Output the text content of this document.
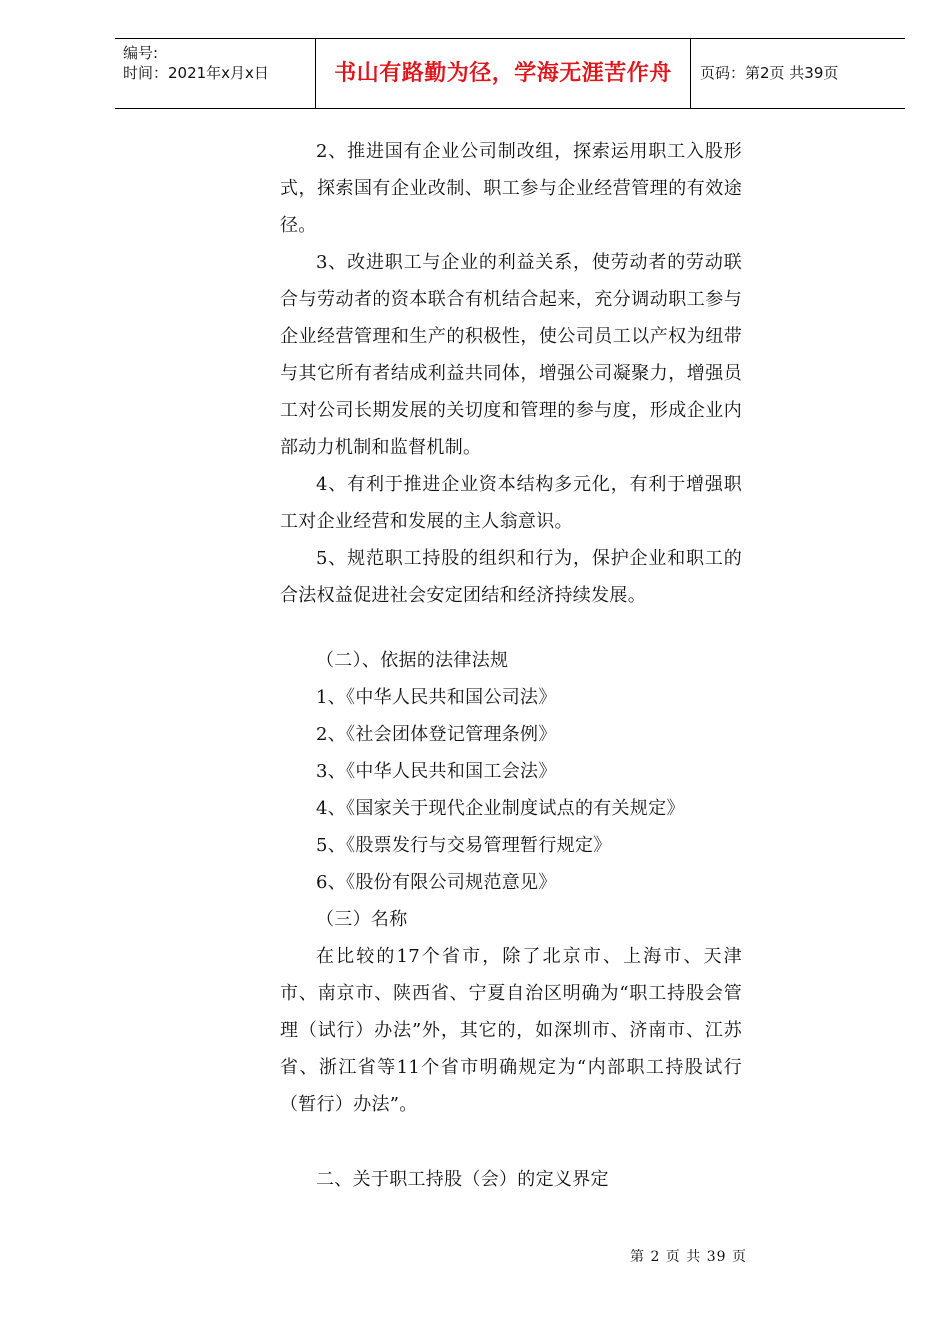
编号:
时间：2021年x月x日	书山有路勤为径，学海无涯苦作舟	页码：第2页 共39页

2、推进国有企业公司制改组，探索运用职工入股形式，探索国有企业改制、职工参与企业经营管理的有效途径。

3、改进职工与企业的利益关系，使劳动者的劳动联合与劳动者的资本联合有机结合起来，充分调动职工参与企业经营管理和生产的积极性，使公司员工以产权为纽带与其它所有者结成利益共同体，增强公司凝聚力，增强员工对公司长期发展的关切度和管理的参与度，形成企业内部动力机制和监督机制。

4、有利于推进企业资本结构多元化，有利于增强职工对企业经营和发展的主人翁意识。

5、规范职工持股的组织和行为，保护企业和职工的合法权益促进社会安定团结和经济持续发展。

（二）、依据的法律法规

1、《中华人民共和国公司法》

2、《社会团体登记管理条例》

3、《中华人民共和国工会法》

4、《国家关于现代企业制度试点的有关规定》

5、《股票发行与交易管理暂行规定》

6、《股份有限公司规范意见》

（三）名称

在比较的17个省市，除了北京市、上海市、天津市、南京市、陕西省、宁夏自治区明确为“职工持股会管理（试行）办法”外，其它的，如深圳市、济南市、江苏省、浙江省等11个省市明确规定为“内部职工持股试行（暂行）办法”。

二、关于职工持股（会）的定义界定

第 2 页 共 39 页
